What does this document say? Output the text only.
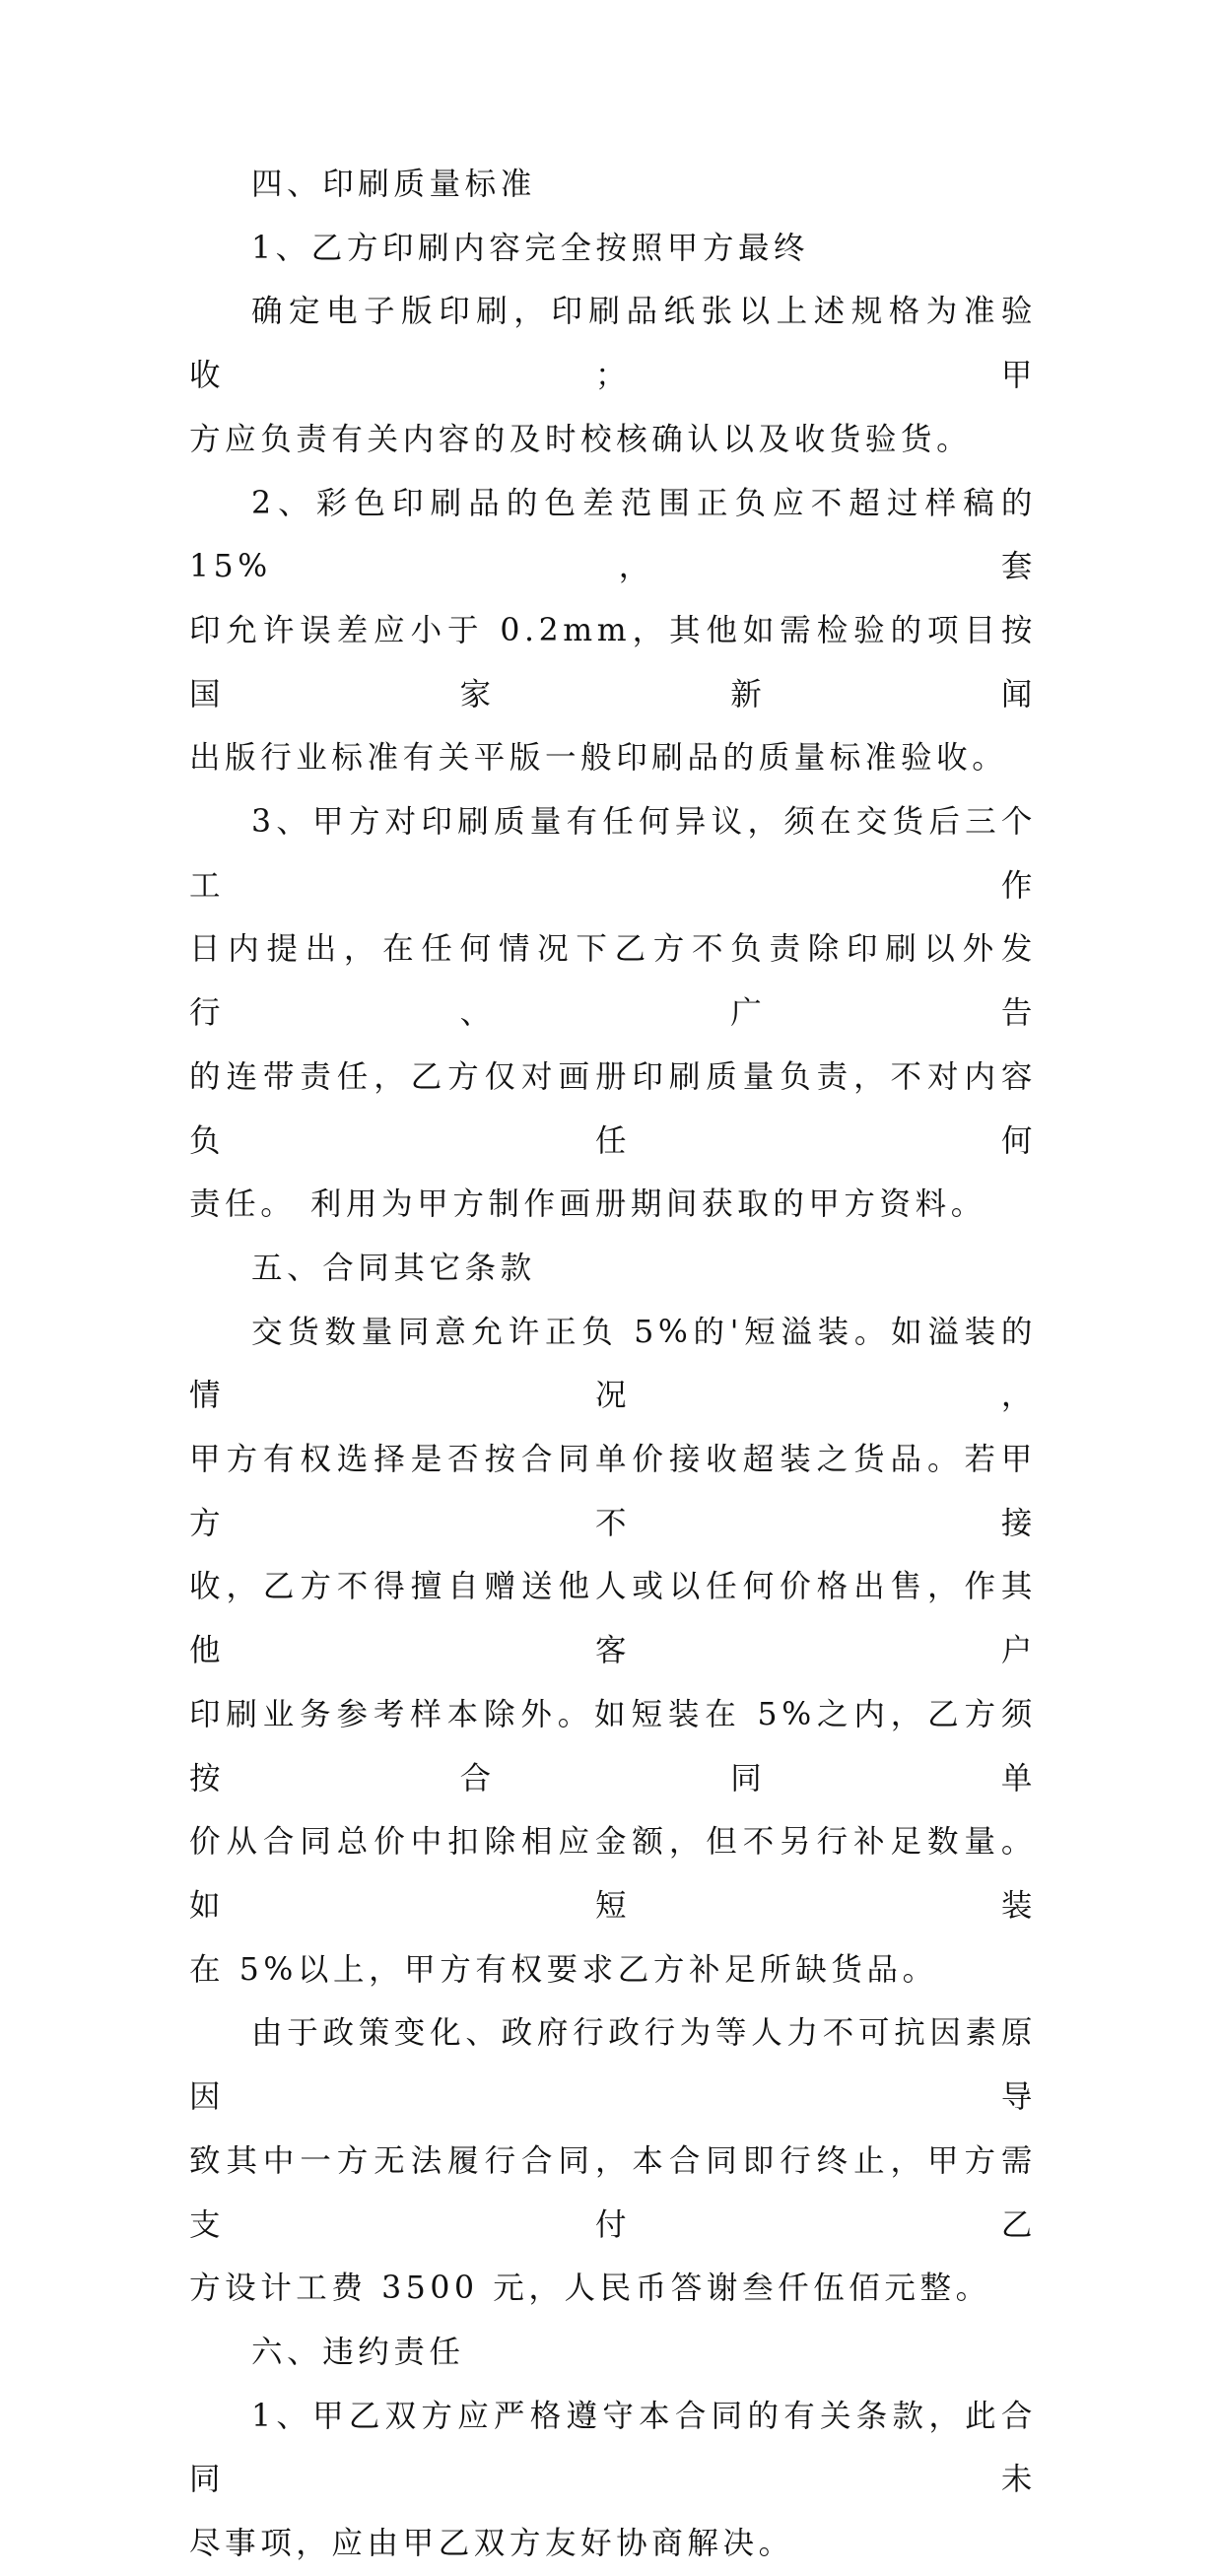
四、印刷质量标准
1、乙方印刷内容完全按照甲方最终
确定电子版印刷，印刷品纸张以上述规格为准验收；甲
方应负责有关内容的及时校核确认以及收货验货。
2、彩色印刷品的色差范围正负应不超过样稿的 15%，套
印允许误差应小于 0.2mm，其他如需检验的项目按国家新闻
出版行业标准有关平版一般印刷品的质量标准验收。
3、甲方对印刷质量有任何异议，须在交货后三个工作
日内提出，在任何情况下乙方不负责除印刷以外发行、广告
的连带责任，乙方仅对画册印刷质量负责，不对内容负任何
责任。 利用为甲方制作画册期间获取的甲方资料。
五、合同其它条款
交货数量同意允许正负 5%的'短溢装。如溢装的情况，
甲方有权选择是否按合同单价接收超装之货品。若甲方不接
收，乙方不得擅自赠送他人或以任何价格出售，作其他客户
印刷业务参考样本除外。如短装在 5%之内，乙方须按合同单
价从合同总价中扣除相应金额，但不另行补足数量。如短装
在 5%以上，甲方有权要求乙方补足所缺货品。
由于政策变化、政府行政行为等人力不可抗因素原因导
致其中一方无法履行合同，本合同即行终止，甲方需支付乙
方设计工费 3500 元，人民币答谢叁仟伍佰元整。
六、违约责任
1、甲乙双方应严格遵守本合同的有关条款，此合同未
尽事项，应由甲乙双方友好协商解决。
